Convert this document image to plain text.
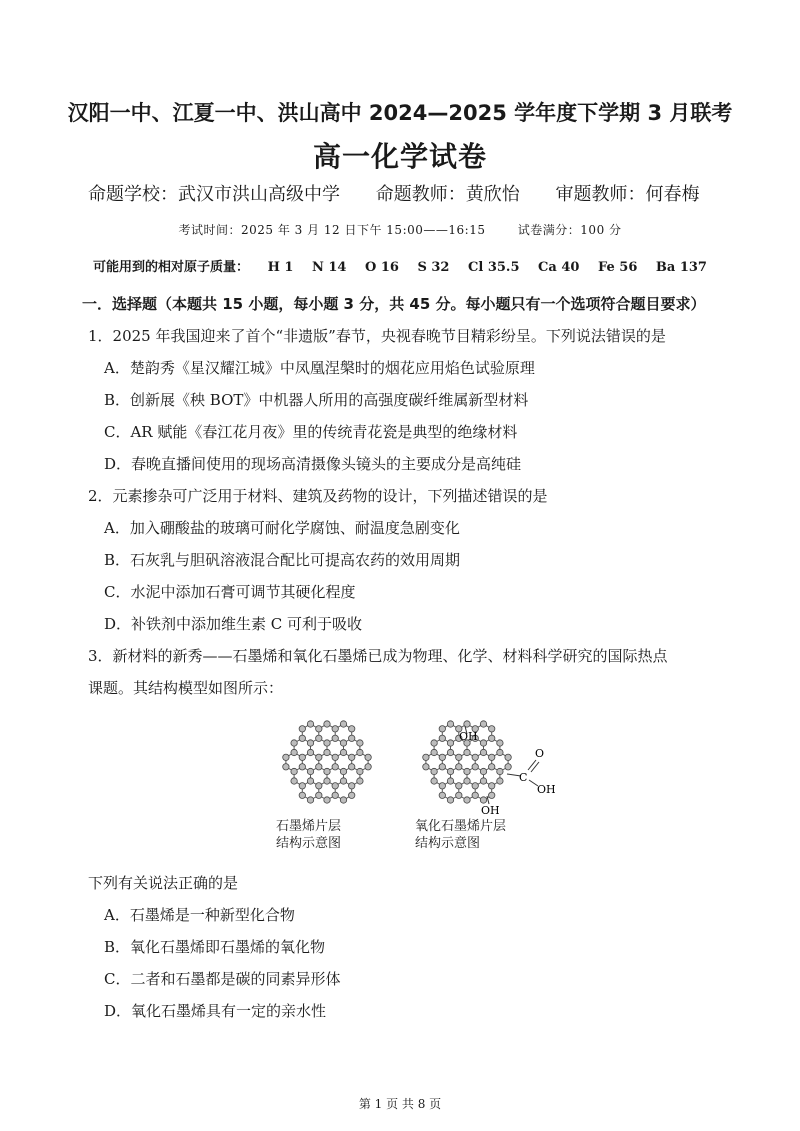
汉阳一中、江夏一中、洪山高中 2024—2025 学年度下学期 3 月联考
高一化学试卷
命题学校：武汉市洪山高级中学 命题教师：黄欣怡 审题教师：何春梅
考试时间：2025 年 3 月 12 日下午 15:00——16:15	试卷满分：100 分
可能用到的相对原子质量： H 1 N 14 O 16 S 32 Cl 35.5 Ca 40 Fe 56 Ba 137
一．选择题（本题共 15 小题，每小题 3 分，共 45 分。每小题只有一个选项符合题目要求）
1．2025 年我国迎来了首个“非遗版”春节，央视春晚节目精彩纷呈。下列说法错误的是
A．楚韵秀《星汉耀江城》中凤凰涅槃时的烟花应用焰色试验原理
B．创新展《秧 BOT》中机器人所用的高强度碳纤维属新型材料
C．AR 赋能《春江花月夜》里的传统青花瓷是典型的绝缘材料
D．春晚直播间使用的现场高清摄像头镜头的主要成分是高纯硅
2．元素掺杂可广泛用于材料、建筑及药物的设计，下列描述错误的是
A．加入硼酸盐的玻璃可耐化学腐蚀、耐温度急剧变化
B．石灰乳与胆矾溶液混合配比可提高农药的效用周期
C．水泥中添加石膏可调节其硬化程度
D．补铁剂中添加维生素 C 可利于吸收
3．新材料的新秀——石墨烯和氧化石墨烯已成为物理、化学、材料科学研究的国际热点
课题。其结构模型如图所示：
OH
C
O
OH
OH
石墨烯片层
结构示意图
氧化石墨烯片层
结构示意图
下列有关说法正确的是
A．石墨烯是一种新型化合物
B．氧化石墨烯即石墨烯的氧化物
C．二者和石墨都是碳的同素异形体
D．氧化石墨烯具有一定的亲水性
第 1 页 共 8 页
